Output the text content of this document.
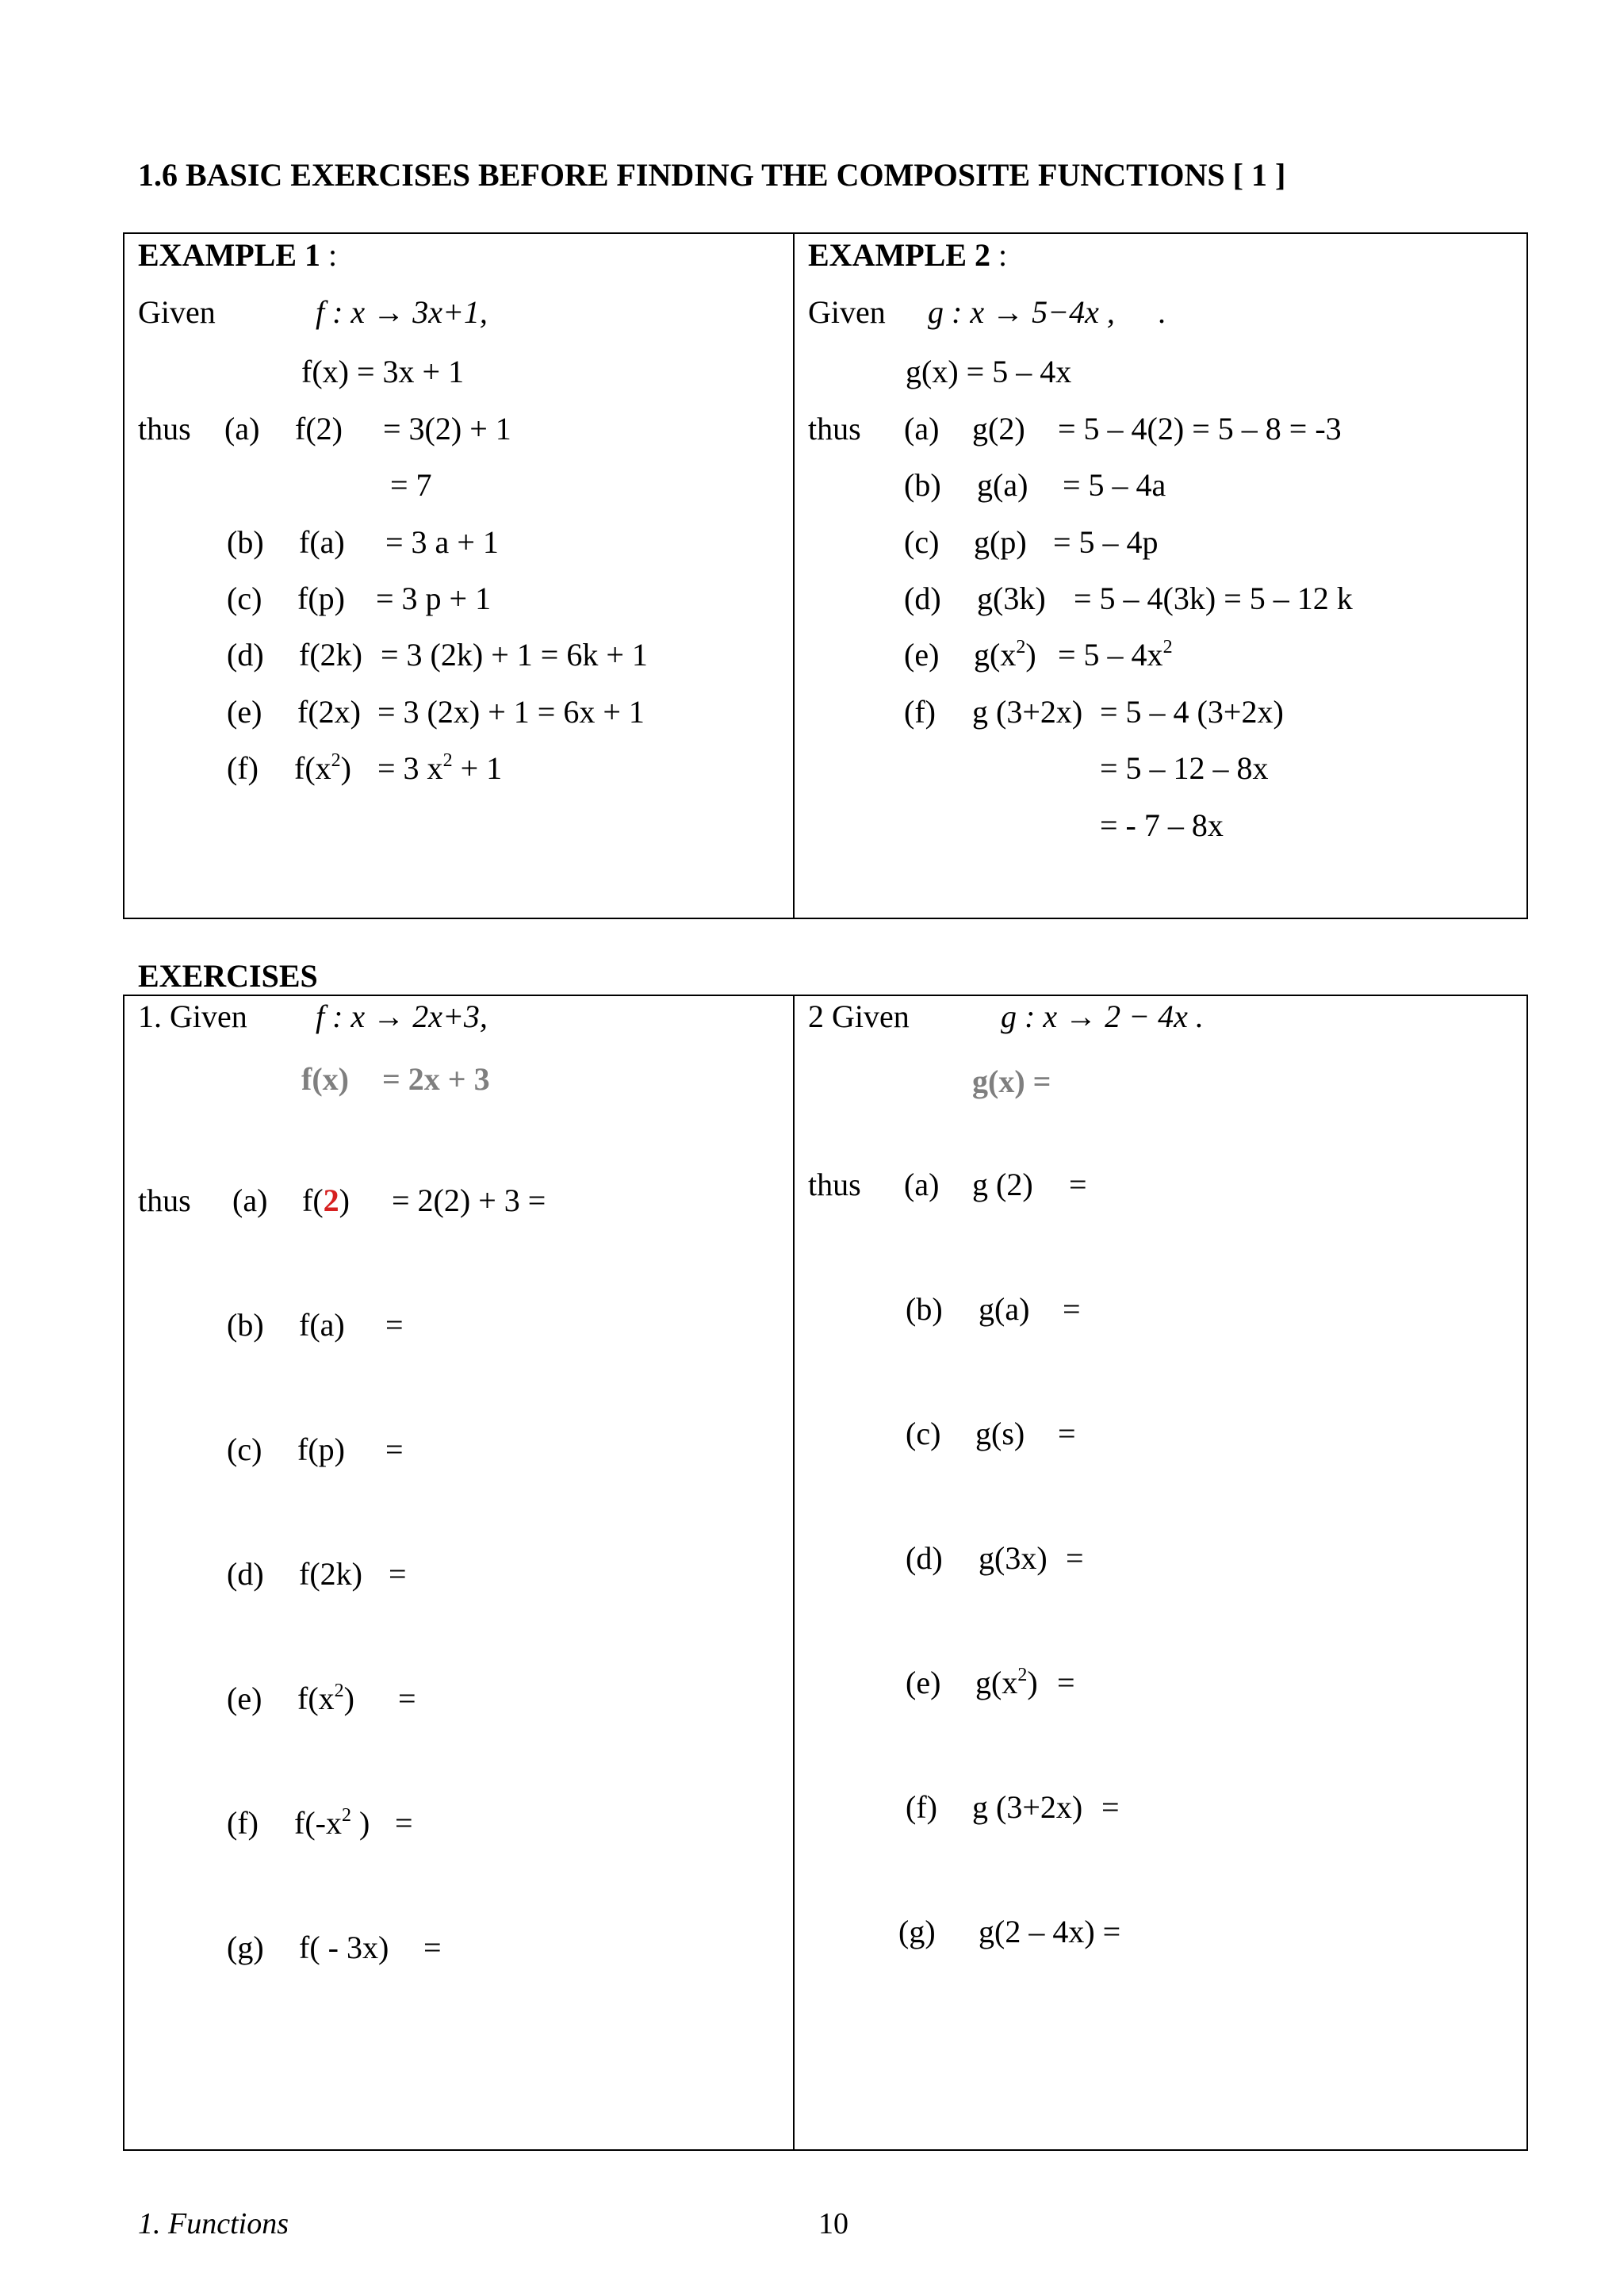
1.6 BASIC EXERCISES BEFORE FINDING THE COMPOSITE FUNCTIONS [ 1 ]
EXAMPLE 1 :
Given	f : x → 3x+1,
f(x) = 3x + 1
thus (a) f(2) = 3(2) + 1
= 7
(b) f(a) = 3 a + 1
(c) f(p) = 3 p + 1
(d) f(2k) = 3 (2k) + 1 = 6k + 1
(e) f(2x) = 3 (2x) + 1 = 6x + 1
(f) $f(x^2) = 3$ $x^2 + 1$
EXAMPLE 2 :
Given g : x → 5−4x , .
g(x) = 5 – 4x
thus (a) g(2) = 5 – 4(2) = 5 – 8 = -3
(b) g(a) = 5 – 4a
(c) g(p) = 5 – 4p
(d) g(3k) = 5 – 4(3k) = 5 – 12 k
(e) $g(x^2) = 5 - 4x^2$
(f) g (3+2x) = 5 – 4 (3+2x)
= 5 – 12 – 8x
= - 7 – 8x
EXERCISES
1. Given f : x → 2x+3,
f(x) = 2x + 3
thus (a) f(2) = 2(2) + 3 =
(b) f(a) =
(c) f(p) =
(d) f(2k) =
(e) $f(x^2)$ =
(f) $f(-x^2$ ) =
(g) f( - 3x) =
2 Given	g : x → 2 − 4x .
g(x) =
thus (a) g (2) =
(b) g(a) =
(c) g(s) =
(d) g(3x) =
(e) $g(x^2)$ =
(f) g (3+2x) =
(g) g(2 – 4x) =
1. Functions	10
